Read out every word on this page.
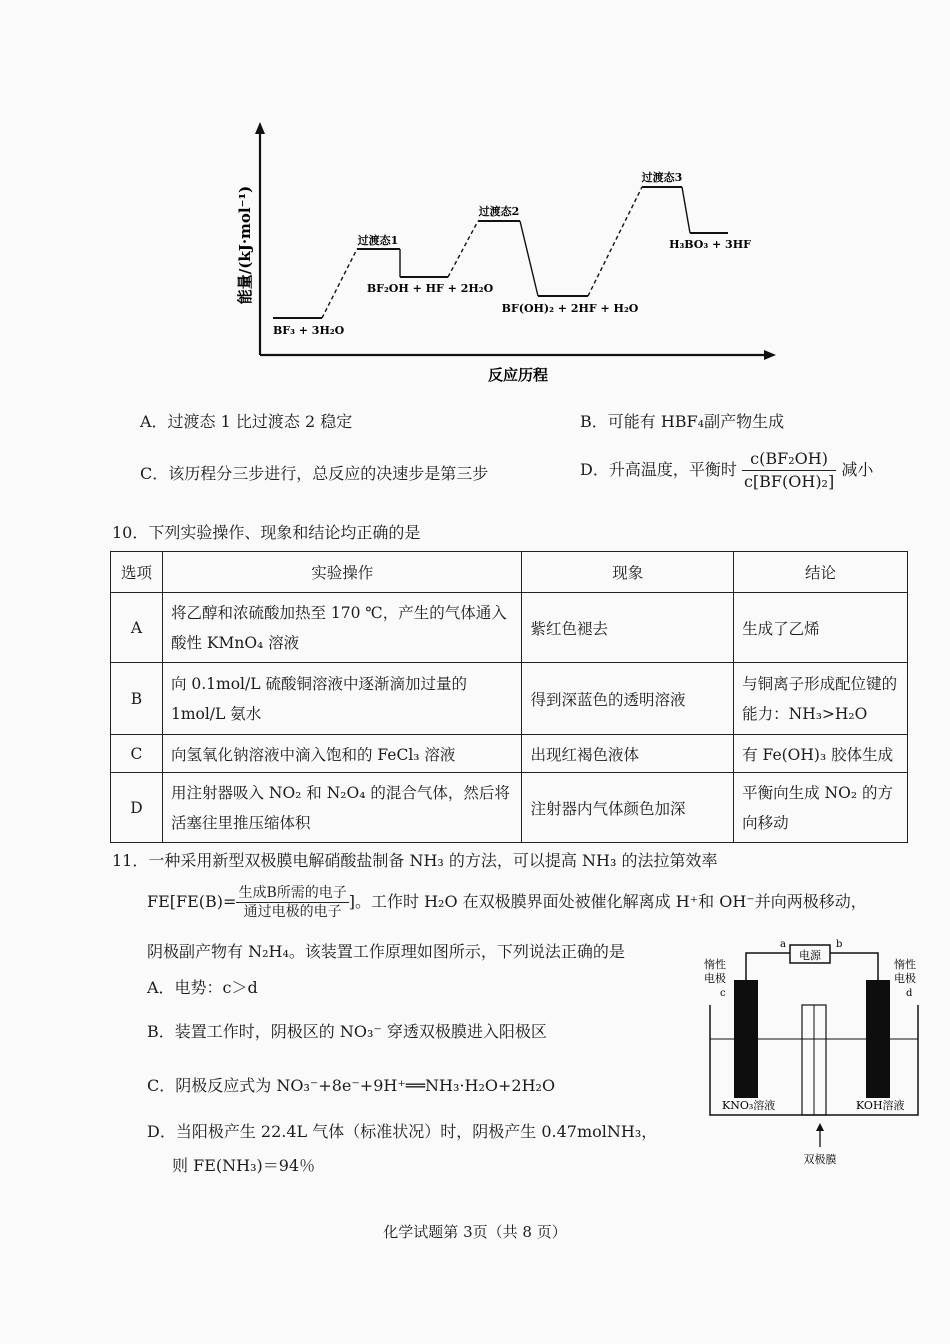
能量/(kJ·mol⁻¹)
反应历程
BF₃ + 3H₂O
过渡态1
BF₂OH + HF + 2H₂O
过渡态2
BF(OH)₂ + 2HF + H₂O
过渡态3
H₃BO₃ + 3HF
A．过渡态 1 比过渡态 2 稳定	B．可能有 HBF₄副产物生成
C．该历程分三步进行，总反应的决速步是第三步	D．升高温度，平衡时 $\frac{\text{c(BF₂OH)}}{\text{c[BF(OH)₂]}}$ 减小
10．下列实验操作、现象和结论均正确的是
选项	实验操作	现象	结论
A	将乙醇和浓硫酸加热至 170 ℃，产生的气体通入酸性 KMnO₄ 溶液	紫红色褪去	生成了乙烯
B	向 0.1mol/L 硫酸铜溶液中逐渐滴加过量的 1mol/L 氨水	得到深蓝色的透明溶液	与铜离子形成配位键的能力：NH₃>H₂O
C	向氢氧化钠溶液中滴入饱和的 FeCl₃ 溶液	出现红褐色液体	有 Fe(OH)₃ 胶体生成
D	用注射器吸入 NO₂ 和 N₂O₄ 的混合气体，然后将活塞往里推压缩体积	注射器内气体颜色加深	平衡向生成 NO₂ 的方向移动
11．一种采用新型双极膜电解硝酸盐制备 NH₃ 的方法，可以提高 NH₃ 的法拉第效率
$FE[FE(B)= \frac{\text{生成B所需的电子}}{\text{通过电极的电子}}$ ]。工作时 H₂O 在双极膜界面处被催化解离成 H⁺和 OH⁻并向两极移动，
阴极副产物有 N₂H₄。该装置工作原理如图所示，下列说法正确的是
A．电势：c＞d
B．装置工作时，阴极区的 NO₃⁻ 穿透双极膜进入阳极区
C．阴极反应式为 NO₃⁻+8e⁻+9H⁺══NH₃·H₂O+2H₂O
D．当阳极产生 22.4L 气体（标准状况）时，阴极产生 0.47molNH₃，
则 FE(NH₃)＝94％
电源
a	b
惰性
电极
c
惰性
电极
d
KNO₃溶液	KOH溶液
双极膜
化学试题第 3页（共 8 页）
